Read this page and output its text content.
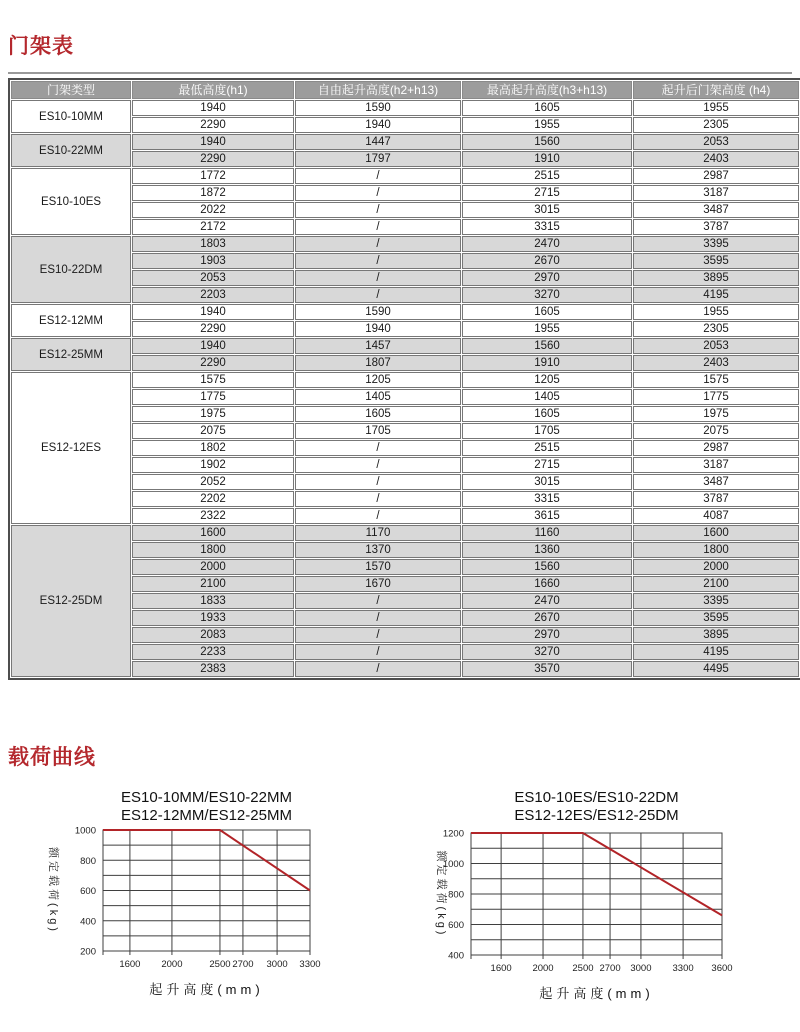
门架表
门架类型	最低高度(h1)	自由起升高度(h2+h13)	最高起升高度(h3+h13)	起升后门架高度 (h4)
ES10-10MM	1940	1590	1605	1955
	2290	1940	1955	2305
ES10-22MM	1940	1447	1560	2053
	2290	1797	1910	2403
ES10-10ES	1772	/	2515	2987
	1872	/	2715	3187
	2022	/	3015	3487
	2172	/	3315	3787
ES10-22DM	1803	/	2470	3395
	1903	/	2670	3595
	2053	/	2970	3895
	2203	/	3270	4195
ES12-12MM	1940	1590	1605	1955
	2290	1940	1955	2305
ES12-25MM	1940	1457	1560	2053
	2290	1807	1910	2403
ES12-12ES	1575	1205	1205	1575
	1775	1405	1405	1775
	1975	1605	1605	1975
	2075	1705	1705	2075
	1802	/	2515	2987
	1902	/	2715	3187
	2052	/	3015	3487
	2202	/	3315	3787
	2322	/	3615	4087
ES12-25DM	1600	1170	1160	1600
	1800	1370	1360	1800
	2000	1570	1560	2000
	2100	1670	1660	2100
	1833	/	2470	3395
	1933	/	2670	3595
	2083	/	2970	3895
	2233	/	3270	4195
	2383	/	3570	4495
载荷曲线
ES10-10MM/ES10-22MM
ES12-12MM/ES12-25MM
1000
800
600
400
200
1600 2000	2500 2700 3000 3300
额定载荷(kg)
起升高度(mm)
ES10-10ES/ES10-22DM
ES12-12ES/ES12-25DM
1200
1000
800
600
400
1600 2000 2500 2700 3000 3300 3600
额定载荷(kg)
起升高度(mm)
